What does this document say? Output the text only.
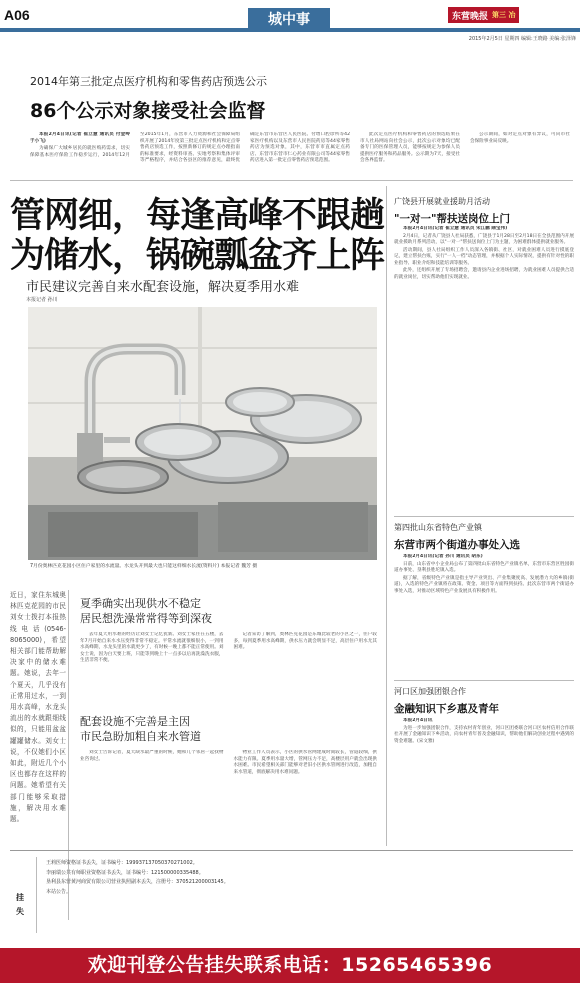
A06	城中事	东营晚报 第三 冶
2015年2月5日 星期四 编辑:王晓路 美编:张泽锋
2014年第三批定点医疗机构和零售药店预选公示
86个公示对象接受社会监督

本报2月4日讯(记者 崔立慧 通讯员 付金岭 于小飞)

为确保广大城乡居民的就医购药需求，切实保障基本医疗保险工作稳步运行，2014年12月至2015年1月，东营市人力资源和社会保障局组织开展了2014年度第三批定点医疗机构和定点零售药店预选工作，按照新修订的规定点办理指南的标准要求，经资料审查、实地考察和集体评审等严格程序，并结合各县区的推荐意见，最终优确定东营市东营区人民医院、付增口腔诊所等42家医疗机构以及东营市人民医院药房等44家零售药店为预选对象，其中，东营市市直属定点药店、东营市东营市仁心药业有限公司等44家零售药店进入第一批定点零售药店预选范围。

此次定点医疗机构和零售药店的预选结果在市人社局网站向社会公示，此次公示对象均已配备专门的医保管理人员，能够按规定为参保人员提供医疗服务和药品服务。公示期为7天，接受社会各界监督。

公示期间，如对定点对象有异议，可向市社会保险事业局反映。

管网细，每逢高峰不跟趟
为储水，锅碗瓢盆齐上阵
市民建议完善自来水配套设施，解决夏季用水难
本报记者 孙川
7月份奥林匹克花园小区住户家里的水流量。水龙头开到最大也只能这样细水长流(资料片) 本报记者 魏芳 摄
近日，家住东城奥林匹克花园的市民刘女士拨打本报热线电话(0546-8065000)，希望相关部门能帮助解决家中的储水难题。她说，去年一个夏天，几乎没有正常用过水，一到用水高峰，水龙头流出的水就跟细线似的，只能用盆盆罐罐储水。刘女士说，不仅她们小区如此，附近几个小区也都存在这样的问题。她希望有关部门能够采取措施，解决用水难题。
夏季确实出现供水不稳定
居民想洗澡常常得等到深夜

去年夏天用水难的经历让刘女士记忆犹新。刘女士家住在五楼，去年7月开始自来水水压变得非常不稳定。平常水流就很细很小，一到用水高峰期，水龙头里的水就更少了，有时候一晚上都不能正常使用。刘女士说，因为白天要上班，只能等到晚上十一点多以后再洗澡洗衣服，生活非常不便。

记者采访了解到，奥林匹克花园是东城比较老的小区之一，住户较多，每到夏季用水高峰期，供水压力就会明显不足，高层住户用水尤其困难。

配套设施不完善是主因
市民急盼加粗自来水管道

刘女士告诉记者，夏天缺水最严重的时候，她和几个邻居一起找物业咨询过。

物业工作人员表示，小区的供水管网建成时间较长，管道较细，供水能力有限。夏季用水量大增，管网压力不足，高楼层用户就会出现供水困难。市民希望相关部门能够对老旧小区供水管网进行改造，加粗自来水管道，彻底解决用水难问题。

广饶县开展就业援助月活动
"一对一"帮扶送岗位上门

本报2月4日讯(记者 崔立慧 通讯员 宋江鹏 隋宝伟)

2月4日，记者从广饶县人社局获悉，广饶县于1月28日至2月18日在全县范围内开展就业援助月系列活动，以"一对一"帮扶送岗位上门为主题，为困难群体提供就业服务。

活动期间，县人社局组织工作人员深入各镇街、社区，对就业困难人员进行摸底登记，建立帮扶台账，实行"一人一档"动态管理，并根据个人实际情况，提供有针对性的职业指导、职业介绍和技能培训等服务。

此外，还组织开展了专场招聘会，邀请县内企业进场招聘，为就业困难人员提供合适的就业岗位，切实帮助他们实现就业。

第四批山东省特色产业镇
东营市两个街道办事处入选

本报2月4日讯(记者 孙川 通讯员 胡东)

日前，山东省中小企业局公布了第四批山东省特色产业镇名单，东营市东营区胜园街道办事处、垦利县胜坨镇入选。

据了解，省级特色产业镇是指主导产业突出、产业集聚度高、发展潜力大的乡镇(街道)，入选的特色产业镇将在政策、资金、项目等方面得到扶持。此次东营市两个街道办事处入选，对推动区域特色产业发展具有积极作用。

河口区加强团银合作
金融知识下乡惠及青年

本报2月4日讯

为进一步加强团银合作，支持农村青年创业，河口区团委联合河口区农村信用合作联社开展了金融知识下乡活动，向农村青年普及金融知识，帮助他们解决创业过程中遇到的资金难题。(宋文雅)

挂失
王莉医师资格证书丢失，证书编号：199937137050370271002。
李丽瑞公共有师职业资格证书丢失，证书编号：121500000335488。
垦利县东营黄河商贸有限公司营业执照副本丢失，注册号：370521200003145。
本站公告。
欢迎刊登公告挂失联系电话：15265465396
